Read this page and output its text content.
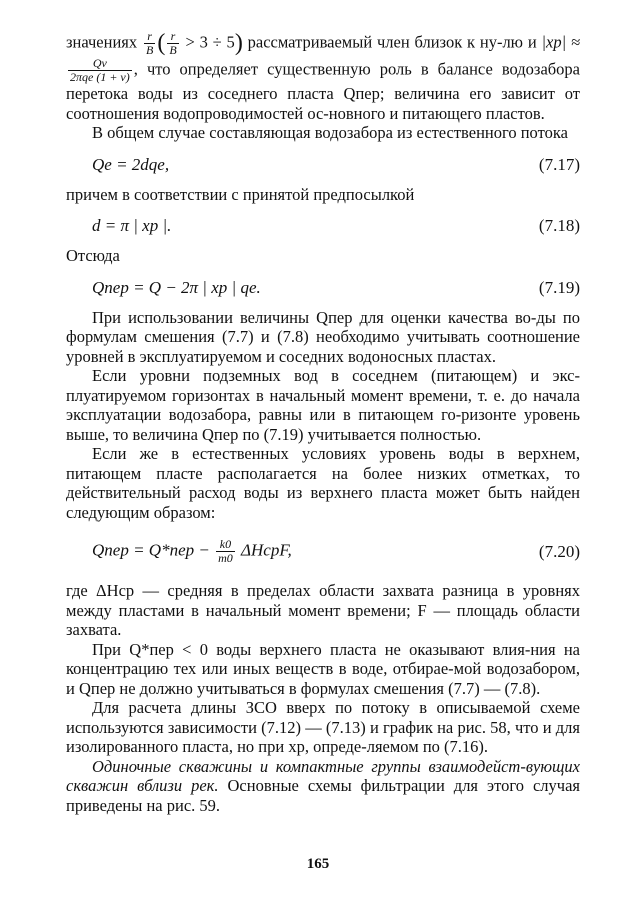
значениях $\frac{r}{B}$ ( $\frac{r}{B} > 3 \div 5$) рассматриваемый член близок к ну-лю и |xр| ≈
$\frac{Q\nu}{\text{2πqе (1 + ν)}}$ , что определяет существенную роль в балансе водозабора перетока воды из соседнего пласта Qпер; величина его зависит от соотношения водопроводимостей ос-новного и питающего пластов.

В общем случае составляющая водозабора из естественного потока

Qе = 2dqе,	(7.17)

причем в соответствии с принятой предпосылкой

d = π | xр |.	(7.18)

Отсюда

Qпер = Q − 2π | xр | qе.	(7.19)

При использовании величины Qпер для оценки качества во-ды по формулам смешения (7.7) и (7.8) необходимо учитывать соотношение уровней в эксплуатируемом и соседних водоносных пластах.

Если уровни подземных вод в соседнем (питающем) и экс-плуатируемом горизонтах в начальный момент времени, т. е. до начала эксплуатации водозабора, равны или в питающем го-ризонте уровень выше, то величина Qпер по (7.19) учитывается полностью.

Если же в естественных условиях уровень воды в верхнем, питающем пласте располагается на более низких отметках, то действительный расход воды из верхнего пласта может быть найден следующим образом:

Qпер = $Q*пер - \frac{k0}{m0}$ ΔHсрF,	(7.20)

где ΔHср — средняя в пределах области захвата разница в уровнях между пластами в начальный момент времени; F — площадь области захвата.

При Q*пер < 0 воды верхнего пласта не оказывают влия-ния на концентрацию тех или иных веществ в воде, отбирае-мой водозабором, и Qпер не должно учитываться в формулах смешения (7.7) — (7.8).

Для расчета длины ЗСО вверх по потоку в описываемой схеме используются зависимости (7.12) — (7.13) и график на рис. 58, что и для изолированного пласта, но при xр, опреде-ляемом по (7.16).

Одиночные скважины и компактные группы взаимодейст-вующих скважин вблизи рек. Основные схемы фильтрации для этого случая приведены на рис. 59.

165
